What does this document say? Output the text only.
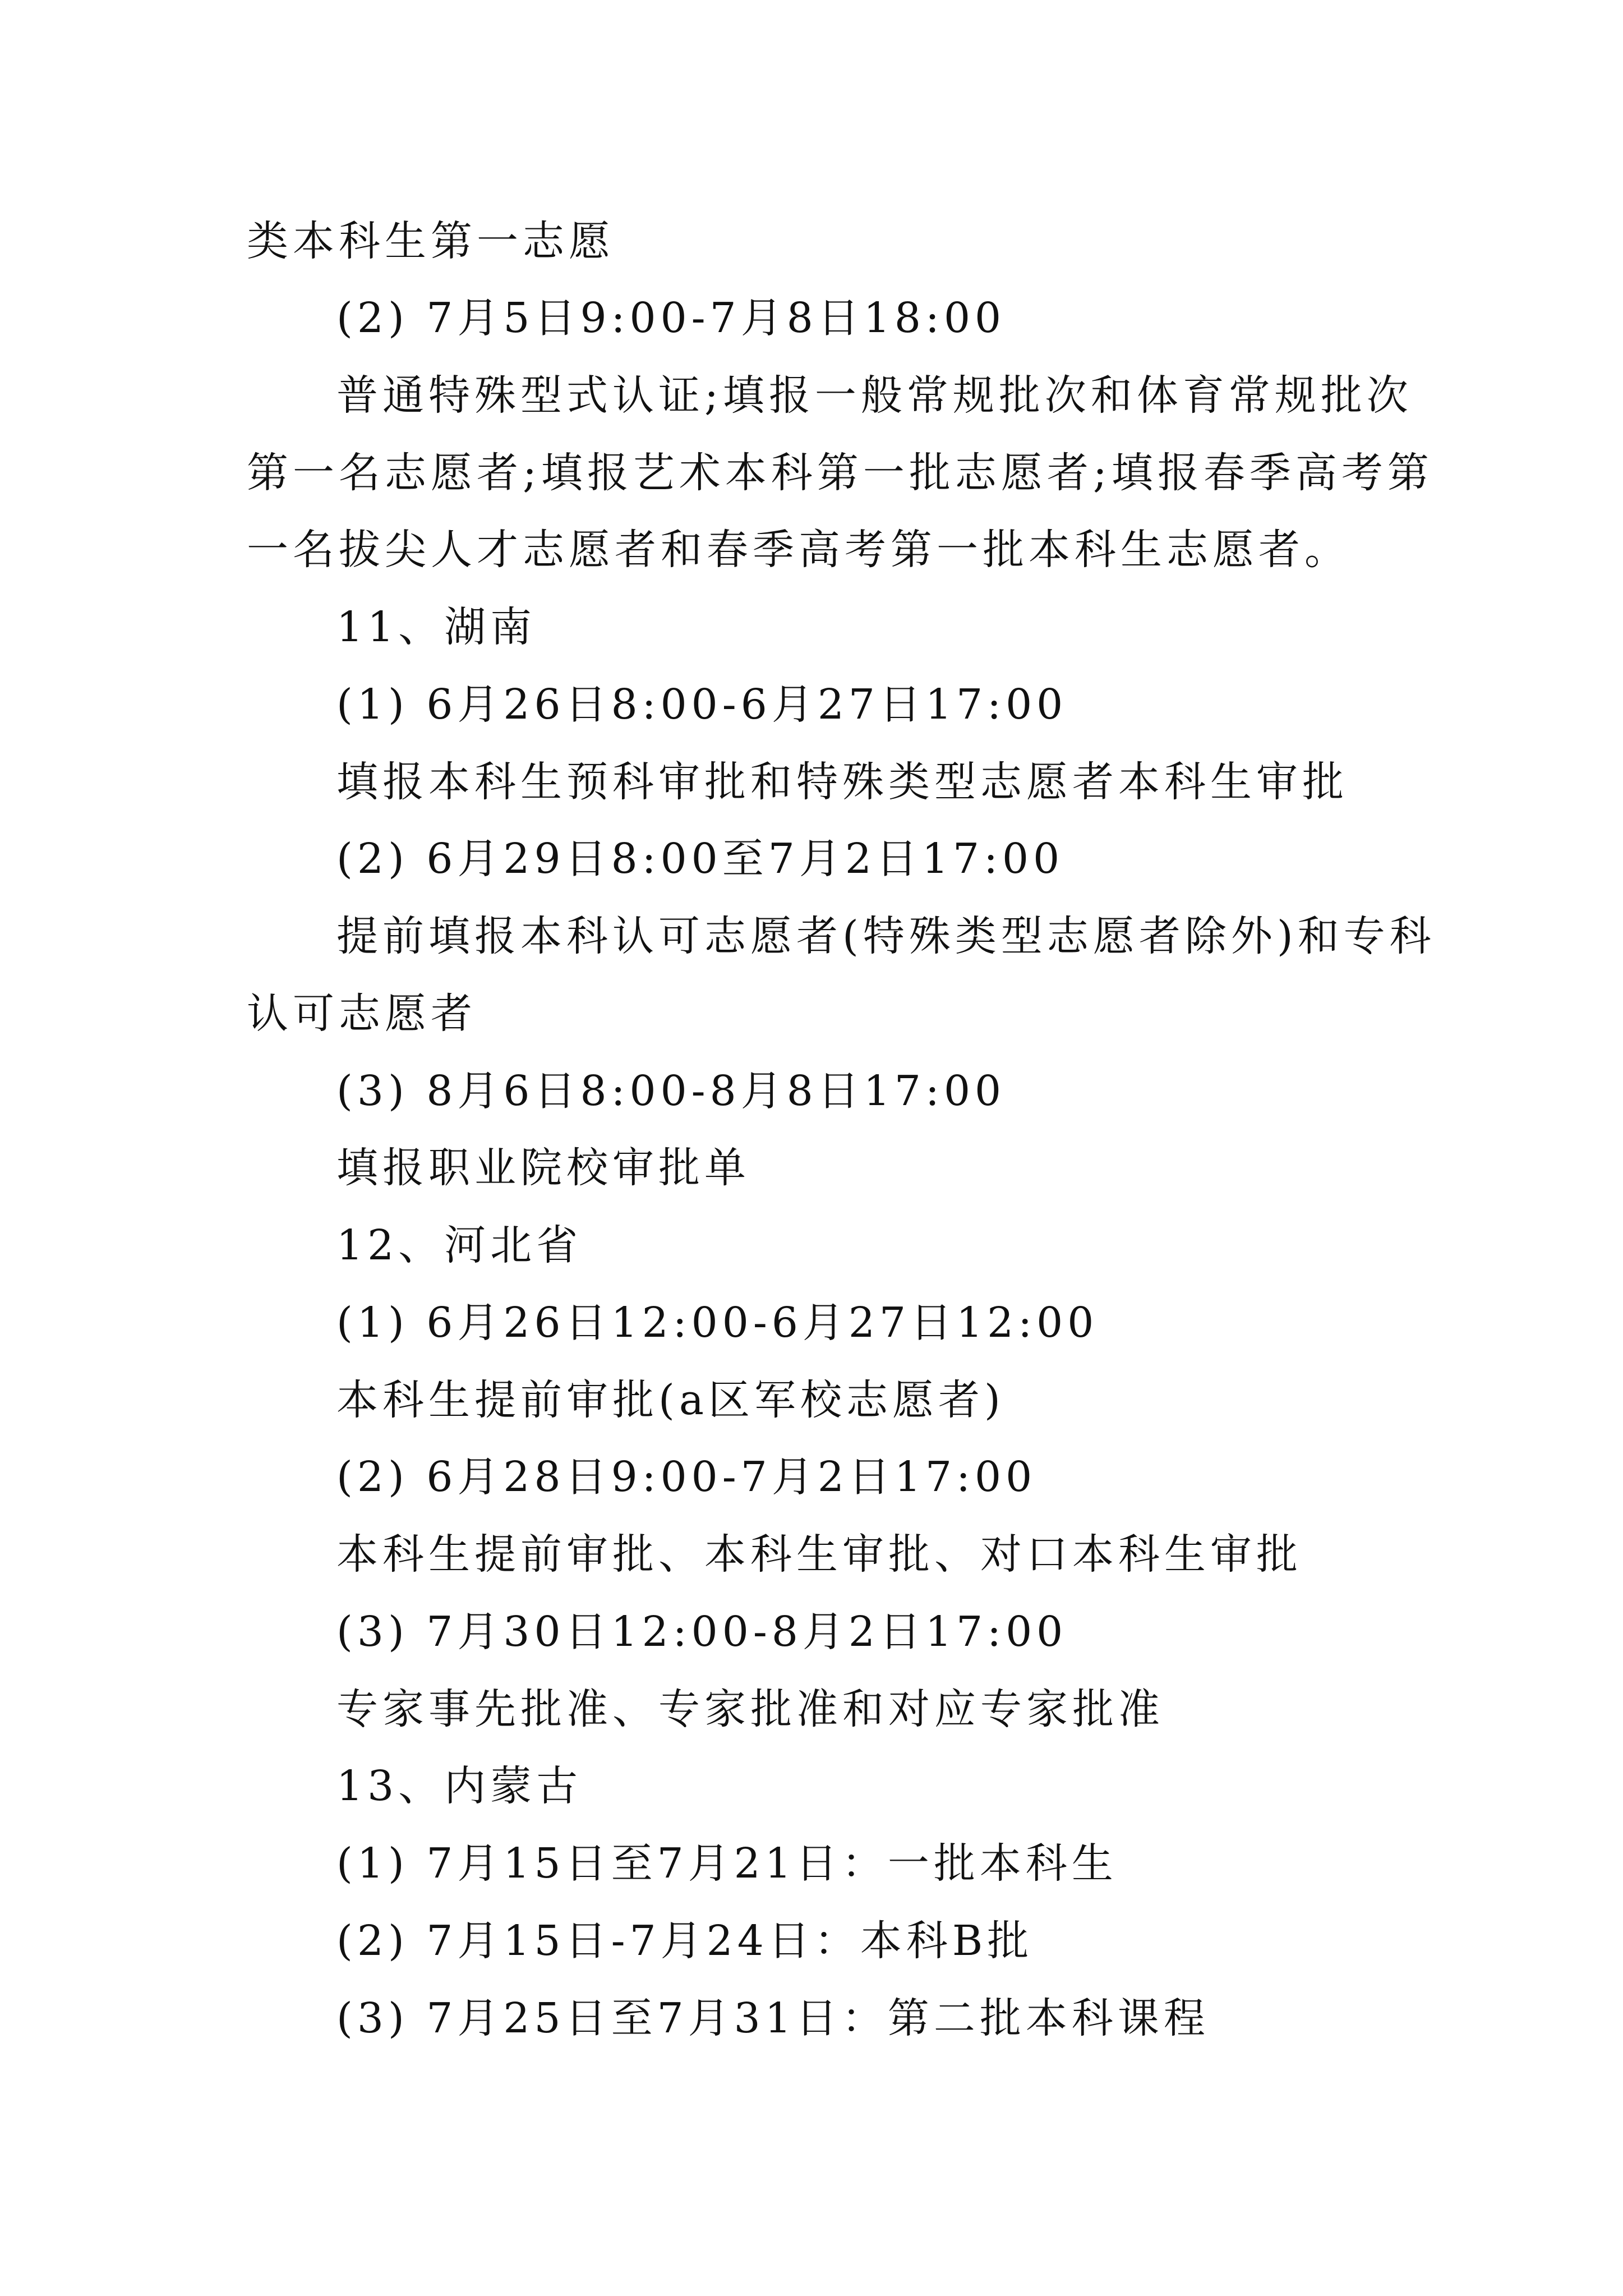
类本科生第一志愿
(2) 7月5日9:00-7月8日18:00
普通特殊型式认证;填报一般常规批次和体育常规批次
第一名志愿者;填报艺术本科第一批志愿者;填报春季高考第
一名拔尖人才志愿者和春季高考第一批本科生志愿者。
11、湖南
(1) 6月26日8:00-6月27日17:00
填报本科生预科审批和特殊类型志愿者本科生审批
(2) 6月29日8:00至7月2日17:00
提前填报本科认可志愿者(特殊类型志愿者除外)和专科
认可志愿者
(3) 8月6日8:00-8月8日17:00
填报职业院校审批单
12、河北省
(1) 6月26日12:00-6月27日12:00
本科生提前审批(a区军校志愿者)
(2) 6月28日9:00-7月2日17:00
本科生提前审批、本科生审批、对口本科生审批
(3) 7月30日12:00-8月2日17:00
专家事先批准、专家批准和对应专家批准
13、内蒙古
(1) 7月15日至7月21日：一批本科生
(2) 7月15日-7月24日：本科B批
(3) 7月25日至7月31日：第二批本科课程
